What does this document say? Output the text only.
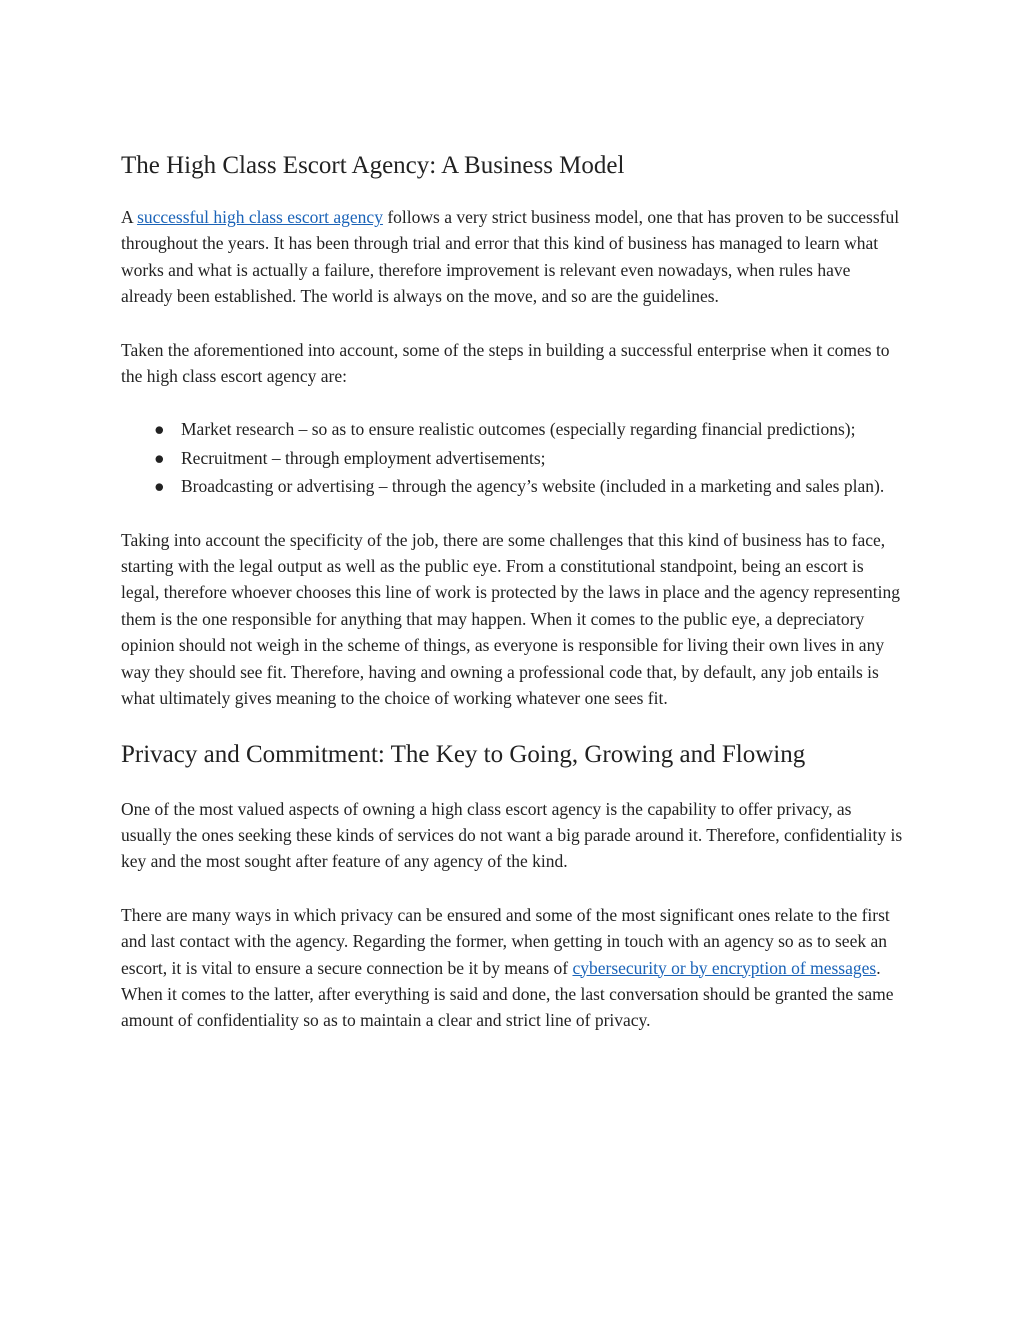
The High Class Escort Agency: A Business Model

A successful high class escort agency follows a very strict business model, one that has proven to be successful throughout the years. It has been through trial and error that this kind of business has managed to learn what works and what is actually a failure, therefore improvement is relevant even nowadays, when rules have already been established. The world is always on the move, and so are the guidelines.

Taken the aforementioned into account, some of the steps in building a successful enterprise when it comes to the high class escort agency are:

● Market research – so as to ensure realistic outcomes (especially regarding financial predictions);
● Recruitment – through employment advertisements;
● Broadcasting or advertising – through the agency’s website (included in a marketing and sales plan).

Taking into account the specificity of the job, there are some challenges that this kind of business has to face, starting with the legal output as well as the public eye. From a constitutional standpoint, being an escort is legal, therefore whoever chooses this line of work is protected by the laws in place and the agency representing them is the one responsible for anything that may happen. When it comes to the public eye, a depreciatory opinion should not weigh in the scheme of things, as everyone is responsible for living their own lives in any way they should see fit. Therefore, having and owning a professional code that, by default, any job entails is what ultimately gives meaning to the choice of working whatever one sees fit.

Privacy and Commitment: The Key to Going, Growing and Flowing

One of the most valued aspects of owning a high class escort agency is the capability to offer privacy, as usually the ones seeking these kinds of services do not want a big parade around it. Therefore, confidentiality is key and the most sought after feature of any agency of the kind.

There are many ways in which privacy can be ensured and some of the most significant ones relate to the first and last contact with the agency. Regarding the former, when getting in touch with an agency so as to seek an escort, it is vital to ensure a secure connection be it by means of cybersecurity or by encryption of messages. When it comes to the latter, after everything is said and done, the last conversation should be granted the same amount of confidentiality so as to maintain a clear and strict line of privacy.
